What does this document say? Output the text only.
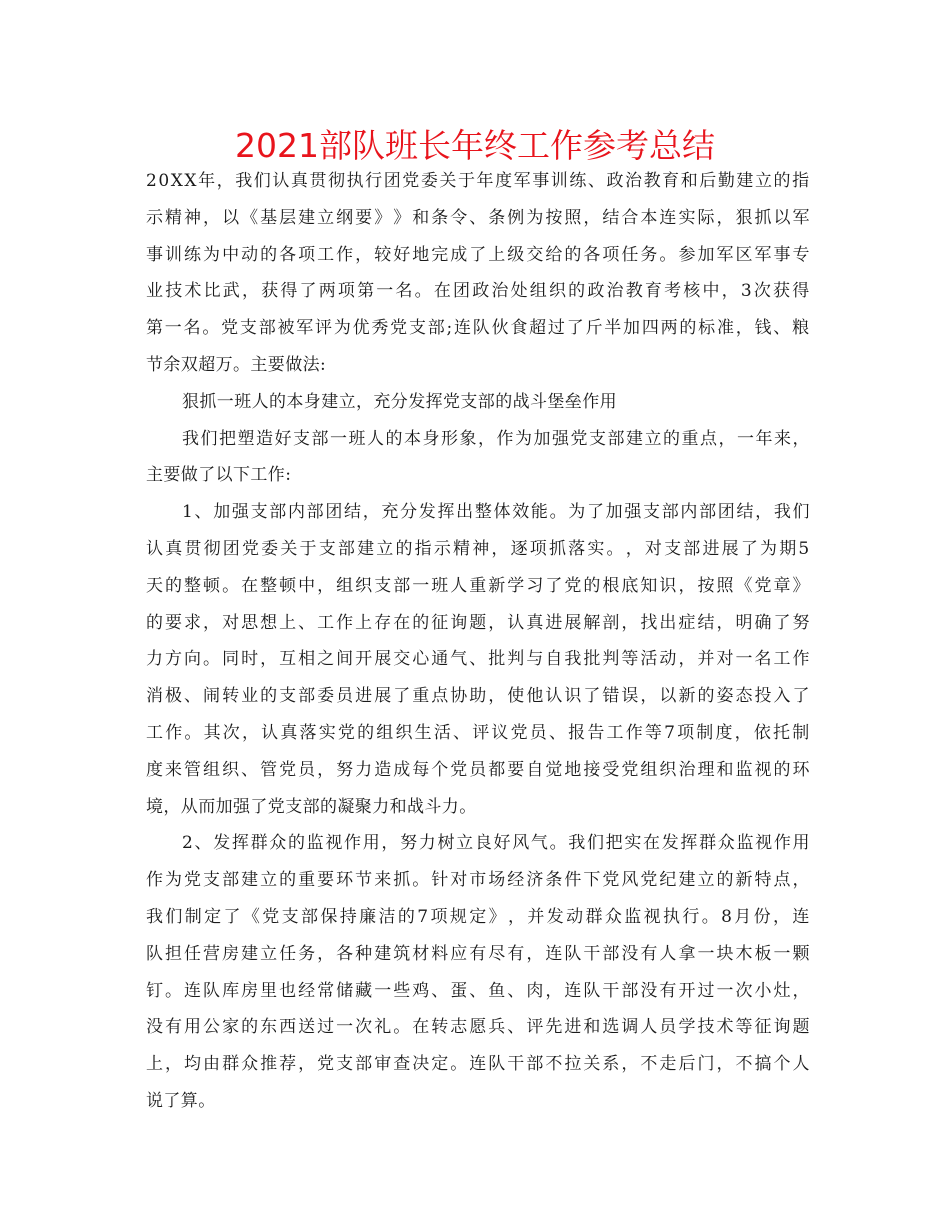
2021部队班长年终工作参考总结
2 0 X X 年 ， 我 们 认 真 贯 彻 执 行 团 党 委 关 于 年 度 军 事 训 练 、 政 治 教 育 和 后 勤 建 立 的 指
示 精 神 ， 以 《 基 层 建 立 纲 要 》 》 和 条 令 、 条 例 为 按 照 ， 结 合 本 连 实 际 ， 狠 抓 以 军
事 训 练 为 中 动 的 各 项 工 作 ， 较 好 地 完 成 了 上 级 交 给 的 各 项 任 务 。 参 加 军 区 军 事 专
业 技 术 比 武 ， 获 得 了 两 项 第 一 名 。 在 团 政 治 处 组 织 的 政 治 教 育 考 核 中 ， 3 次 获 得
第 一 名 。 党 支 部 被 军 评 为 优 秀 党 支 部 ; 连 队 伙 食 超 过 了 斤 半 加 四 两 的 标 准 ， 钱 、 粮
节余双超万。主要做法:
狠抓一班人的本身建立，充分发挥党支部的战斗堡垒作用
我 们 把 塑 造 好 支 部 一 班 人 的 本 身 形 象 ， 作 为 加 强 党 支 部 建 立 的 重 点 ， 一 年 来 ，
主要做了以下工作:
1 、 加 强 支 部 内 部 团 结 ， 充 分 发 挥 出 整 体 效 能 。 为 了 加 强 支 部 内 部 团 结 ， 我 们
认 真 贯 彻 团 党 委 关 于 支 部 建 立 的 指 示 精 神 ， 逐 项 抓 落 实 。 ， 对 支 部 进 展 了 为 期 5
天 的 整 顿 。 在 整 顿 中 ， 组 织 支 部 一 班 人 重 新 学 习 了 党 的 根 底 知 识 ， 按 照 《 党 章 》
的 要 求 ， 对 思 想 上 、 工 作 上 存 在 的 征 询 题 ， 认 真 进 展 解 剖 ， 找 出 症 结 ， 明 确 了 努
力 方 向 。 同 时 ， 互 相 之 间 开 展 交 心 通 气 、 批 判 与 自 我 批 判 等 活 动 ， 并 对 一 名 工 作
消 极 、 闹 转 业 的 支 部 委 员 进 展 了 重 点 协 助 ， 使 他 认 识 了 错 误 ， 以 新 的 姿 态 投 入 了
工 作 。 其 次 ， 认 真 落 实 党 的 组 织 生 活 、 评 议 党 员 、 报 告 工 作 等 7 项 制 度 ， 依 托 制
度 来 管 组 织 、 管 党 员 ， 努 力 造 成 每 个 党 员 都 要 自 觉 地 接 受 党 组 织 治 理 和 监 视 的 环
境，从而加强了党支部的凝聚力和战斗力。
2 、 发 挥 群 众 的 监 视 作 用 ， 努 力 树 立 良 好 风 气 。 我 们 把 实 在 发 挥 群 众 监 视 作 用
作 为 党 支 部 建 立 的 重 要 环 节 来 抓 。 针 对 市 场 经 济 条 件 下 党 风 党 纪 建 立 的 新 特 点 ，
我 们 制 定 了 《 党 支 部 保 持 廉 洁 的 7 项 规 定 》 ， 并 发 动 群 众 监 视 执 行 。 8 月 份 ， 连
队 担 任 营 房 建 立 任 务 ， 各 种 建 筑 材 料 应 有 尽 有 ， 连 队 干 部 没 有 人 拿 一 块 木 板 一 颗
钉 。 连 队 库 房 里 也 经 常 储 藏 一 些 鸡 、 蛋 、 鱼 、 肉 ， 连 队 干 部 没 有 开 过 一 次 小 灶 ，
没 有 用 公 家 的 东 西 送 过 一 次 礼 。 在 转 志 愿 兵 、 评 先 进 和 选 调 人 员 学 技 术 等 征 询 题
上 ， 均 由 群 众 推 荐 ， 党 支 部 审 查 决 定 。 连 队 干 部 不 拉 关 系 ， 不 走 后 门 ， 不 搞 个 人
说了算。
